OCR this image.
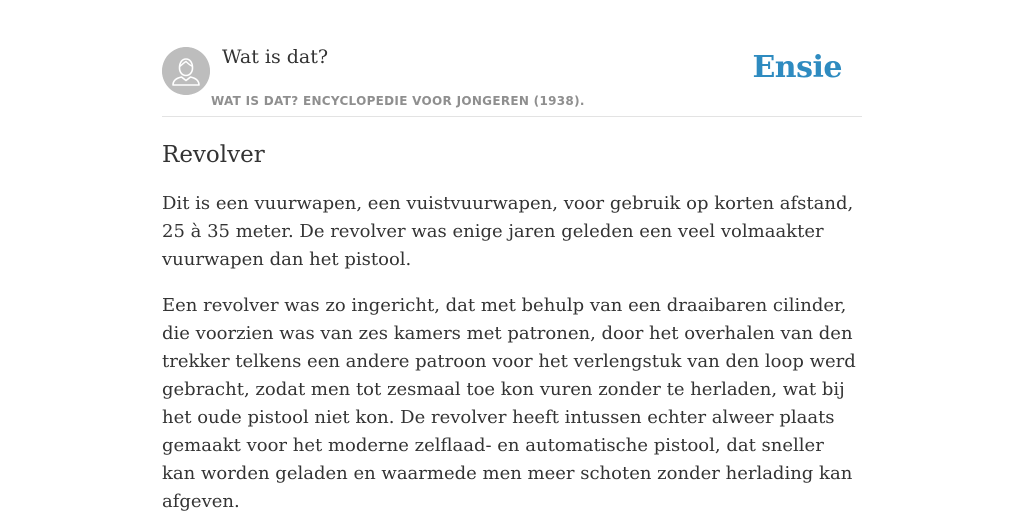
Wat is dat?
WAT IS DAT? ENCYCLOPEDIE VOOR JONGEREN (1938).
Ensie
Revolver

Dit is een vuurwapen, een vuistvuurwapen, voor gebruik op korten afstand, 25 à 35 meter. De revolver was enige jaren geleden een veel volmaakter vuurwapen dan het pistool.

Een revolver was zo ingericht, dat met behulp van een draaibaren cilinder, die voorzien was van zes kamers met patronen, door het overhalen van den trekker telkens een andere patroon voor het verlengstuk van den loop werd gebracht, zodat men tot zesmaal toe kon vuren zonder te herladen, wat bij het oude pistool niet kon. De revolver heeft intussen echter alweer plaats gemaakt voor het moderne zelflaad- en automatische pistool, dat sneller kan worden geladen en waarmede men meer schoten zonder herlading kan afgeven.
